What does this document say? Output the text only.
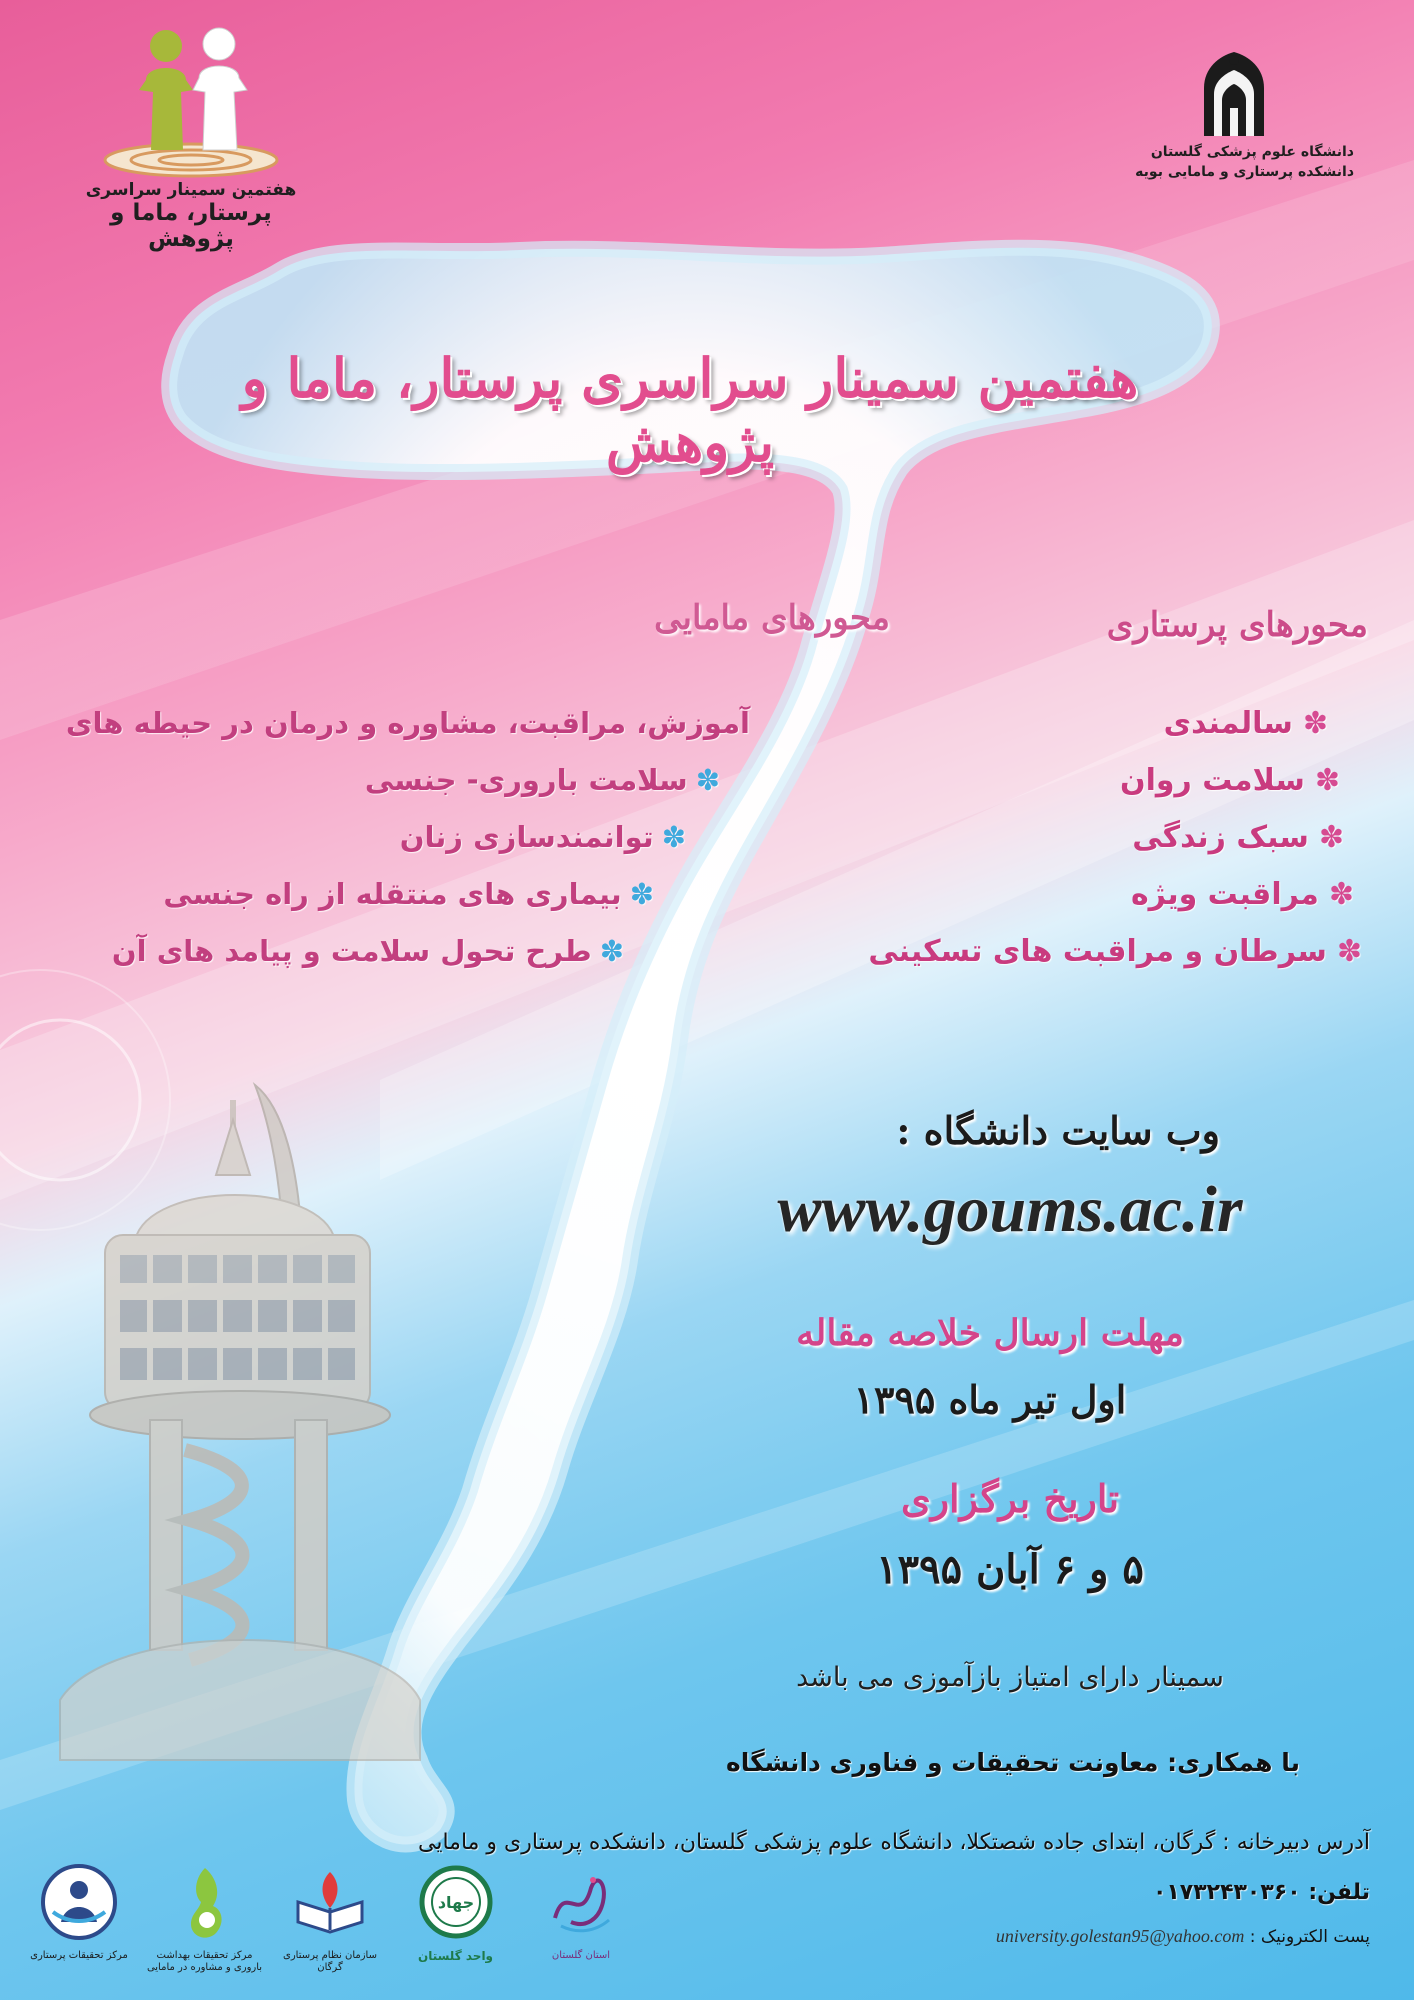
هفتمین سمینار سراسری
پرستار، ماما و پژوهش
دانشگاه علوم پزشکی گلستان
دانشکده پرستاری و مامایی بویه
هفتمین سمینار سراسری پرستار، ماما و پژوهش
محورهای پرستاری
✽سالمندی
✽سلامت روان
✽سبک زندگی
✽مراقبت ویژه
✽سرطان و مراقبت های تسکینی
محورهای مامایی
آموزش، مراقبت، مشاوره و درمان در حیطه های
✽سلامت باروری- جنسی
✽توانمندسازی زنان
✽بیماری های منتقله از راه جنسی
✽طرح تحول سلامت و پیامد های آن
وب سایت دانشگاه :
www.goums.ac.ir
مهلت ارسال خلاصه مقاله
اول تیر ماه ۱۳۹۵
تاریخ برگزاری
۵ و ۶ آبان ۱۳۹۵
سمینار دارای امتیاز بازآموزی می باشد
با همکاری: معاونت تحقیقات و فناوری دانشگاه
آدرس دبیرخانه : گرگان، ابتدای جاده شصتکلا، دانشگاه علوم پزشکی گلستان، دانشکده پرستاری و مامایی
تلفن: ۰۱۷۳۲۴۳۰۳۶۰
پست الکترونیک : university.golestan95@yahoo.com
مرکز تحقیقات پرستاری	مرکز تحقیقات بهداشت باروری و مشاوره در مامایی
سازمان نظام پرستاری گرگان
جهاد
واحد گلستان	استان گلستان
